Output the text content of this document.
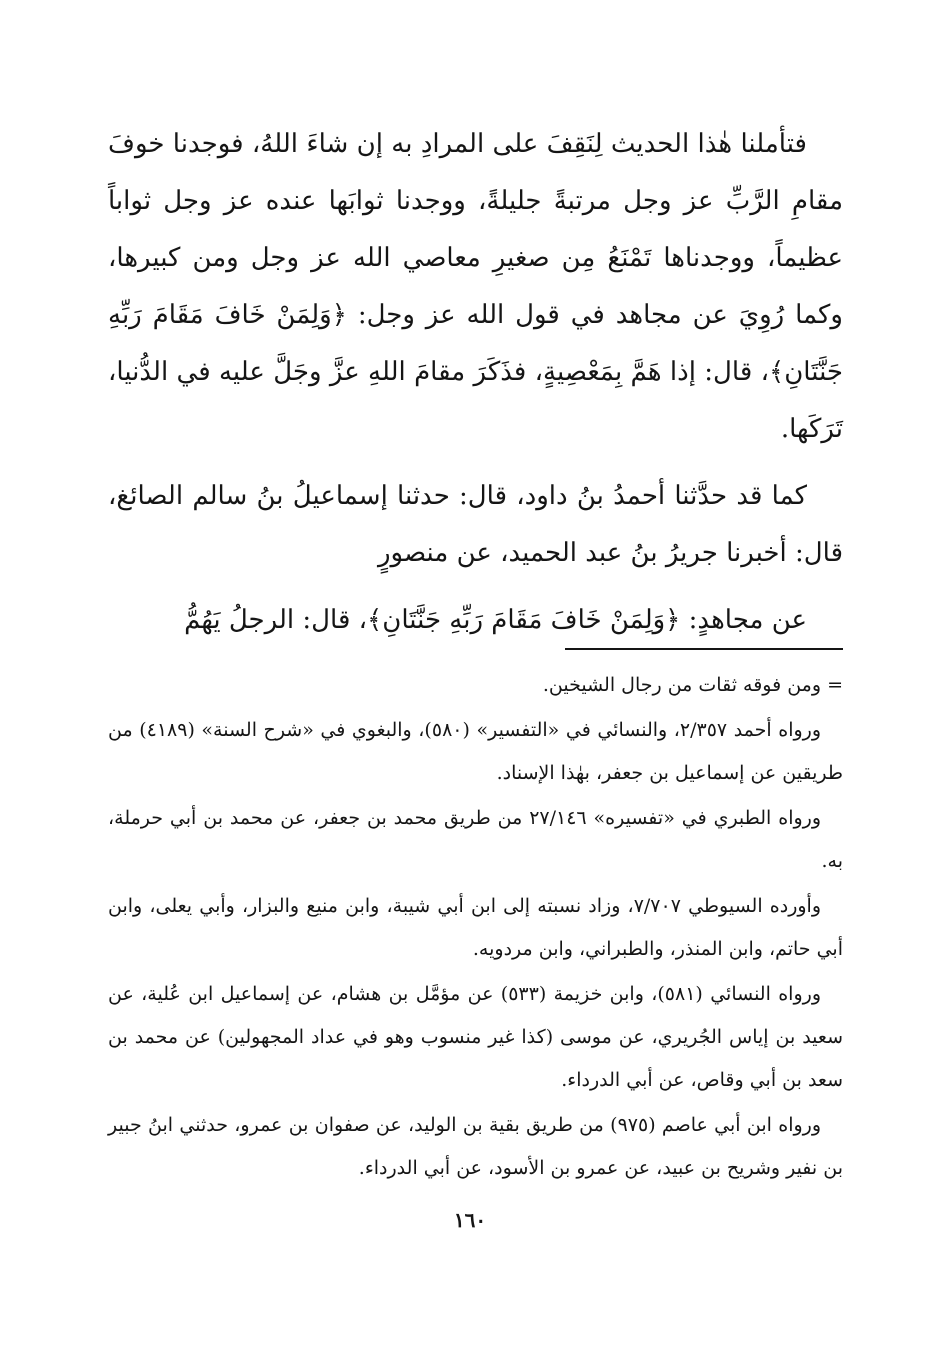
فتأملنا هٰذا الحديث لِنَقِفَ على المرادِ به إن شاءَ اللهُ، فوجدنا خوفَ مقامِ الرَّبِّ عز وجل مرتبةً جليلةً، ووجدنا ثوابَها عنده عز وجل ثواباً عظيماً، ووجدناها تَمْنَعُ مِن صغيرِ معاصي الله عز وجل ومن كبيرها، وكما رُوِيَ عن مجاهد في قول الله عز وجل: ﴿وَلِمَنْ خَافَ مَقَامَ رَبِّهِ جَنَّتَانِ﴾، قال: إذا هَمَّ بِمَعْصِيةٍ، فذَكَرَ مقامَ اللهِ عزَّ وجَلَّ عليه في الدُّنيا، تَرَكَها.

كما قد حدَّثنا أحمدُ بنُ داود، قال: حدثنا إسماعيلُ بنُ سالم الصائغ، قال: أخبرنا جريرُ بنُ عبد الحميد، عن منصورٍ

عن مجاهدٍ: ﴿وَلِمَنْ خَافَ مَقَامَ رَبِّهِ جَنَّتَانِ﴾، قال: الرجلُ يَهُمُّ

= ومن فوقه ثقات من رجال الشيخين.

ورواه أحمد ٢/٣٥٧، والنسائي في «التفسير» (٥٨٠)، والبغوي في «شرح السنة» (٤١٨٩) من طريقين عن إسماعيل بن جعفر، بهٰذا الإسناد.

ورواه الطبري في «تفسيره» ٢٧/١٤٦ من طريق محمد بن جعفر، عن محمد بن أبي حرملة، به.

وأورده السيوطي ٧/٧٠٧، وزاد نسبته إلى ابن أبي شيبة، وابن منيع والبزار، وأبي يعلى، وابن أبي حاتم، وابن المنذر، والطبراني، وابن مردويه.

ورواه النسائي (٥٨١)، وابن خزيمة (٥٣٣) عن مؤمَّل بن هشام، عن إسماعيل ابن عُلية، عن سعيد بن إياس الجُريري، عن موسى (كذا غير منسوب وهو في عداد المجهولين) عن محمد بن سعد بن أبي وقاص، عن أبي الدرداء.

ورواه ابن أبي عاصم (٩٧٥) من طريق بقية بن الوليد، عن صفوان بن عمرو، حدثني ابنُ جبير بن نفير وشريح بن عبيد، عن عمرو بن الأسود، عن أبي الدرداء.

١٦٠
